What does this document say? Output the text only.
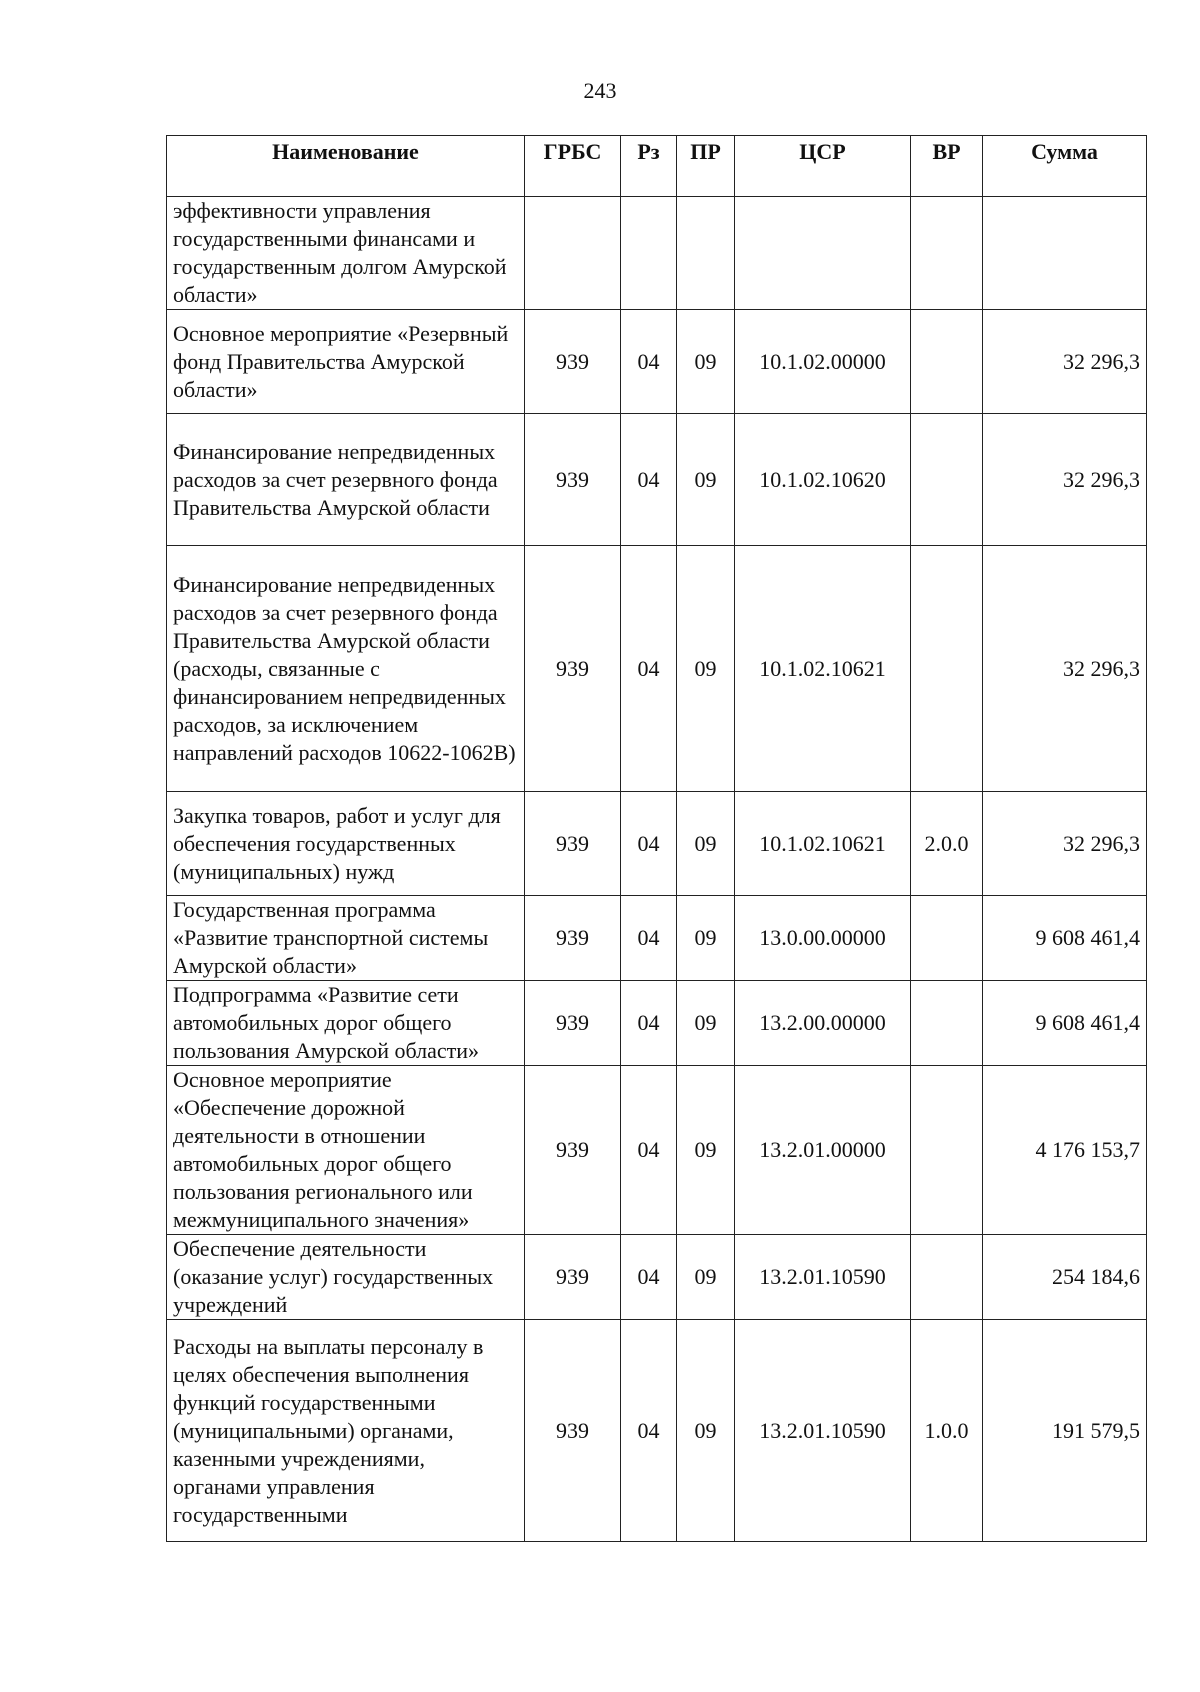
243
Наименование	ГРБС	Рз	ПР	ЦСР	ВР	Сумма
эффективности управления государственными финансами и государственным долгом Амурской области»						
Основное мероприятие «Резервный фонд Правительства Амурской области»	939	04	09	10.1.02.00000		32 296,3
Финансирование непредвиденных расходов за счет резервного фонда Правительства Амурской области	939	04	09	10.1.02.10620		32 296,3
Финансирование непредвиденных расходов за счет резервного фонда Правительства Амурской области (расходы, связанные с финансированием непредвиденных расходов, за исключением направлений расходов 10622-1062В)	939	04	09	10.1.02.10621		32 296,3
Закупка товаров, работ и услуг для обеспечения государственных (муниципальных) нужд	939	04	09	10.1.02.10621	2.0.0	32 296,3
Государственная программа «Развитие транспортной системы Амурской области»	939	04	09	13.0.00.00000		9 608 461,4
Подпрограмма «Развитие сети автомобильных дорог общего пользования Амурской области»	939	04	09	13.2.00.00000		9 608 461,4
Основное мероприятие «Обеспечение дорожной деятельности в отношении автомобильных дорог общего пользования регионального или межмуниципального значения»	939	04	09	13.2.01.00000		4 176 153,7
Обеспечение деятельности (оказание услуг) государственных учреждений	939	04	09	13.2.01.10590		254 184,6
Расходы на выплаты персоналу в целях обеспечения выполнения функций государственными (муниципальными) органами, казенными учреждениями, органами управления государственными	939	04	09	13.2.01.10590	1.0.0	191 579,5
